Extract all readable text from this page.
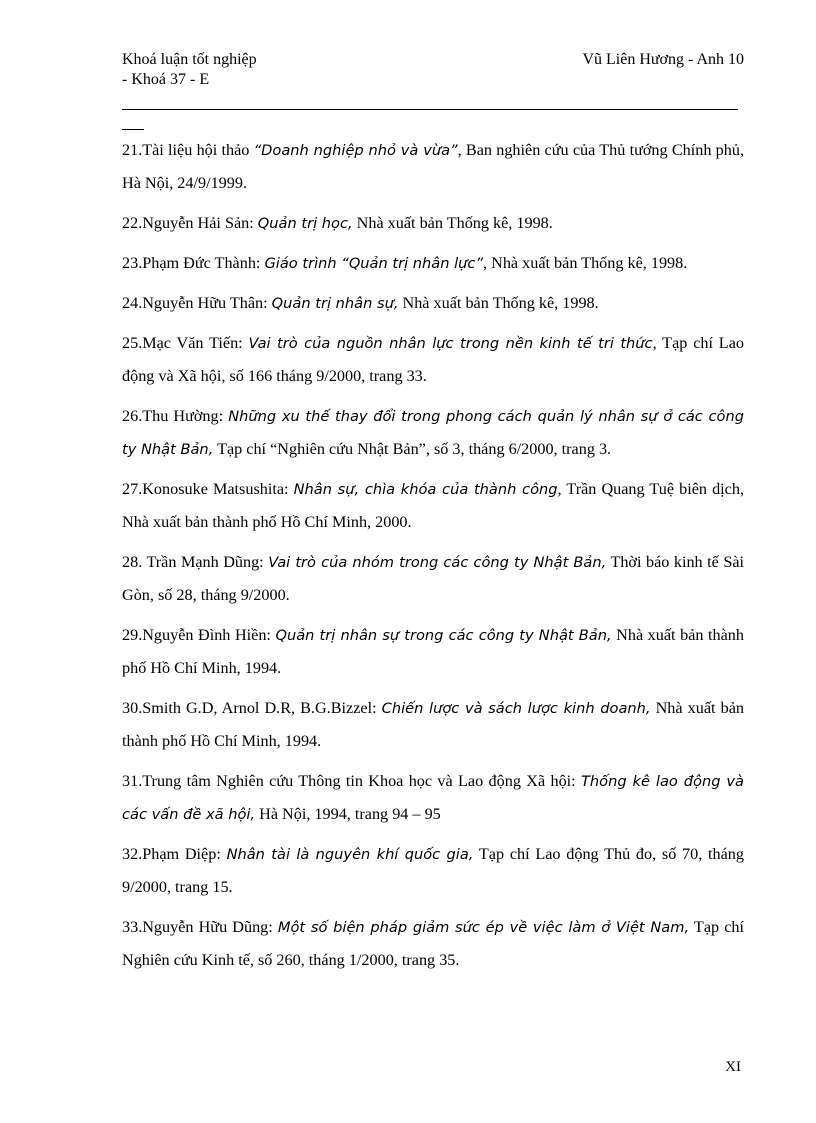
Khoá luận tốt nghiệp
- Khoá 37 - E
Vũ Liên Hương - Anh 10
21.Tài liệu hội thảo “Doanh nghiệp nhỏ và vừa”, Ban nghiên cứu của Thủ tướng Chính phủ, Hà Nội, 24/9/1999.
22.Nguyễn Hải Sản: Quản trị học, Nhà xuất bản Thống kê, 1998.
23.Phạm Đức Thành: Giáo trình “Quản trị nhân lực”, Nhà xuất bản Thống kê, 1998.
24.Nguyễn Hữu Thân: Quản trị nhân sự, Nhà xuất bản Thống kê, 1998.
25.Mạc Văn Tiến: Vai trò của nguồn nhân lực trong nền kinh tế tri thức, Tạp chí Lao động và Xã hội, số 166 tháng 9/2000, trang 33.
26.Thu Hường: Những xu thế thay đổi trong phong cách quản lý nhân sự ở các công ty Nhật Bản, Tạp chí “Nghiên cứu Nhật Bản”, số 3, tháng 6/2000, trang 3.
27.Konosuke Matsushita: Nhân sự, chìa khóa của thành công, Trần Quang Tuệ biên dịch, Nhà xuất bản thành phố Hồ Chí Minh, 2000.
28. Trần Mạnh Dũng: Vai trò của nhóm trong các công ty Nhật Bản, Thời báo kinh tế Sài Gòn, số 28, tháng 9/2000.
29.Nguyễn Đình Hiền: Quản trị nhân sự trong các công ty Nhật Bản, Nhà xuất bản thành phố Hồ Chí Minh, 1994.
30.Smith G.D, Arnol D.R, B.G.Bizzel: Chiến lược và sách lược kinh doanh, Nhà xuất bản thành phố Hồ Chí Minh, 1994.
31.Trung tâm Nghiên cứu Thông tin Khoa học và Lao động Xã hội: Thống kê lao động và các vấn đề xã hội, Hà Nội, 1994, trang 94 – 95
32.Phạm Diệp: Nhân tài là nguyên khí quốc gia, Tạp chí Lao động Thủ đo, số 70, tháng 9/2000, trang 15.
33.Nguyễn Hữu Dũng: Một số biện pháp giảm sức ép về việc làm ở Việt Nam, Tạp chí Nghiên cứu Kinh tế, số 260, tháng 1/2000, trang 35.
XI
